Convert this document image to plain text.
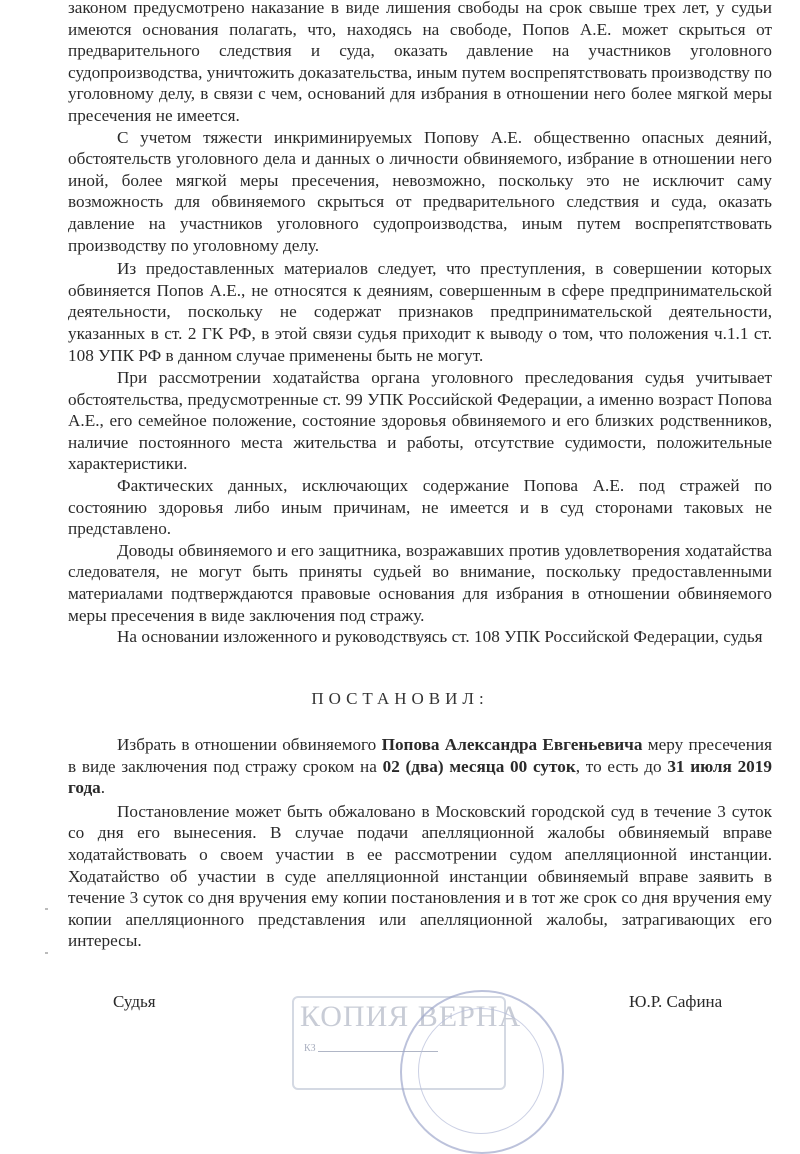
законом предусмотрено наказание в виде лишения свободы на срок свыше трех лет, у судьи имеются основания полагать, что, находясь на свободе, Попов А.Е. может скрыться от предварительного следствия и суда, оказать давление на участников уголовного судопроизводства, уничтожить доказательства, иным путем воспрепятствовать производству по уголовному делу, в связи с чем, оснований для избрания в отношении него более мягкой меры пресечения не имеется.

С учетом тяжести инкриминируемых Попову А.Е. общественно опасных деяний, обстоятельств уголовного дела и данных о личности обвиняемого, избрание в отношении него иной, более мягкой меры пресечения, невозможно, поскольку это не исключит саму возможность для обвиняемого скрыться от предварительного следствия и суда, оказать давление на участников уголовного судопроизводства, иным путем воспрепятствовать производству по уголовному делу.

Из предоставленных материалов следует, что преступления, в совершении которых обвиняется Попов А.Е., не относятся к деяниям, совершенным в сфере предпринимательской деятельности, поскольку не содержат признаков предпринимательской деятельности, указанных в ст. 2 ГК РФ, в этой связи судья приходит к выводу о том, что положения ч.1.1 ст. 108 УПК РФ в данном случае применены быть не могут.

При рассмотрении ходатайства органа уголовного преследования судья учитывает обстоятельства, предусмотренные ст. 99 УПК Российской Федерации, а именно возраст Попова А.Е., его семейное положение, состояние здоровья обвиняемого и его близких родственников, наличие постоянного места жительства и работы, отсутствие судимости, положительные характеристики.

Фактических данных, исключающих содержание Попова А.Е. под стражей по состоянию здоровья либо иным причинам, не имеется и в суд сторонами таковых не представлено.

Доводы обвиняемого и его защитника, возражавших против удовлетворения ходатайства следователя, не могут быть приняты судьей во внимание, поскольку предоставленными материалами подтверждаются правовые основания для избрания в отношении обвиняемого меры пресечения в виде заключения под стражу.

На основании изложенного и руководствуясь ст. 108 УПК Российской Федерации, судья

ПОСТАНОВИЛ:

Избрать в отношении обвиняемого Попова Александра Евгеньевича меру пресечения в виде заключения под стражу сроком на 02 (два) месяца 00 суток, то есть до 31 июля 2019 года.

Постановление может быть обжаловано в Московский городской суд в течение 3 суток со дня его вынесения. В случае подачи апелляционной жалобы обвиняемый вправе ходатайствовать о своем участии в ее рассмотрении судом апелляционной инстанции. Ходатайство об участии в суде апелляционной инстанции обвиняемый вправе заявить в течение 3 суток со дня вручения ему копии постановления и в тот же срок со дня вручения ему копии апелляционного представления или апелляционной жалобы, затрагивающих его интересы.

Судья	Ю.Р. Сафина
КОПИЯ ВЕРНА
КЗ
